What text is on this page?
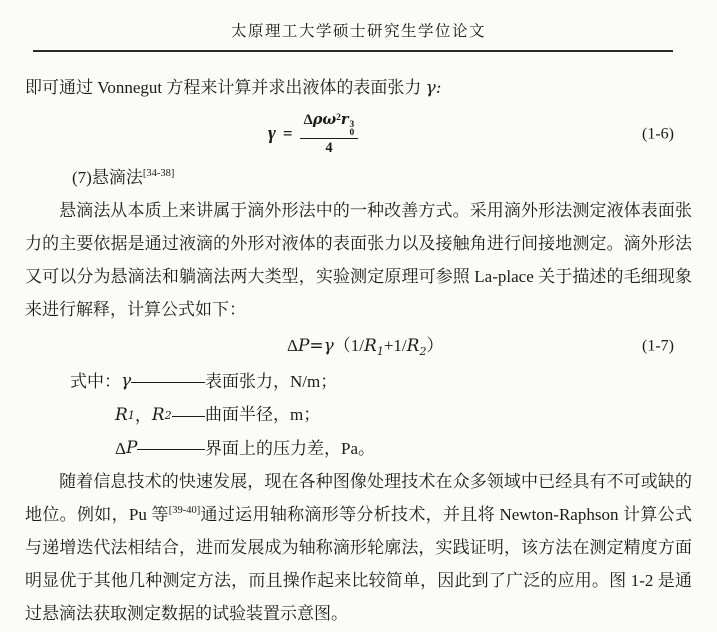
太原理工大学硕士研究生学位论文
即可通过 Vonnegut 方程来计算并求出液体的表面张力 γ:
γ = Δρω$^2$r 3
0
4	(1-6)
(7)悬滴法[34-38]

悬滴法从本质上来讲属于滴外形法中的一种改善方式。采用滴外形法测定液体表面张力的主要依据是通过液滴的外形对液体的表面张力以及接触角进行间接地测定。滴外形法又可以分为悬滴法和躺滴法两大类型，实验测定原理可参照 La-place 关于描述的毛细现象来进行解释，计算公式如下：

$\Delta P=\gamma(1/R_1+1/R_2)$	(1-7)
式中： γ	表面张力，N/m；
R 1 ， R 2 曲面半径，m；
Δ P	界面上的压力差，Pa。

随着信息技术的快速发展，现在各种图像处理技术在众多领域中已经具有不可或缺的地位。例如，Pu 等[39-40]通过运用轴称滴形等分析技术，并且将 Newton-Raphson 计算公式与递增迭代法相结合，进而发展成为轴称滴形轮廓法，实践证明，该方法在测定精度方面明显优于其他几种测定方法，而且操作起来比较简单，因此到了广泛的应用。图 1-2 是通过悬滴法获取测定数据的试验装置示意图。
